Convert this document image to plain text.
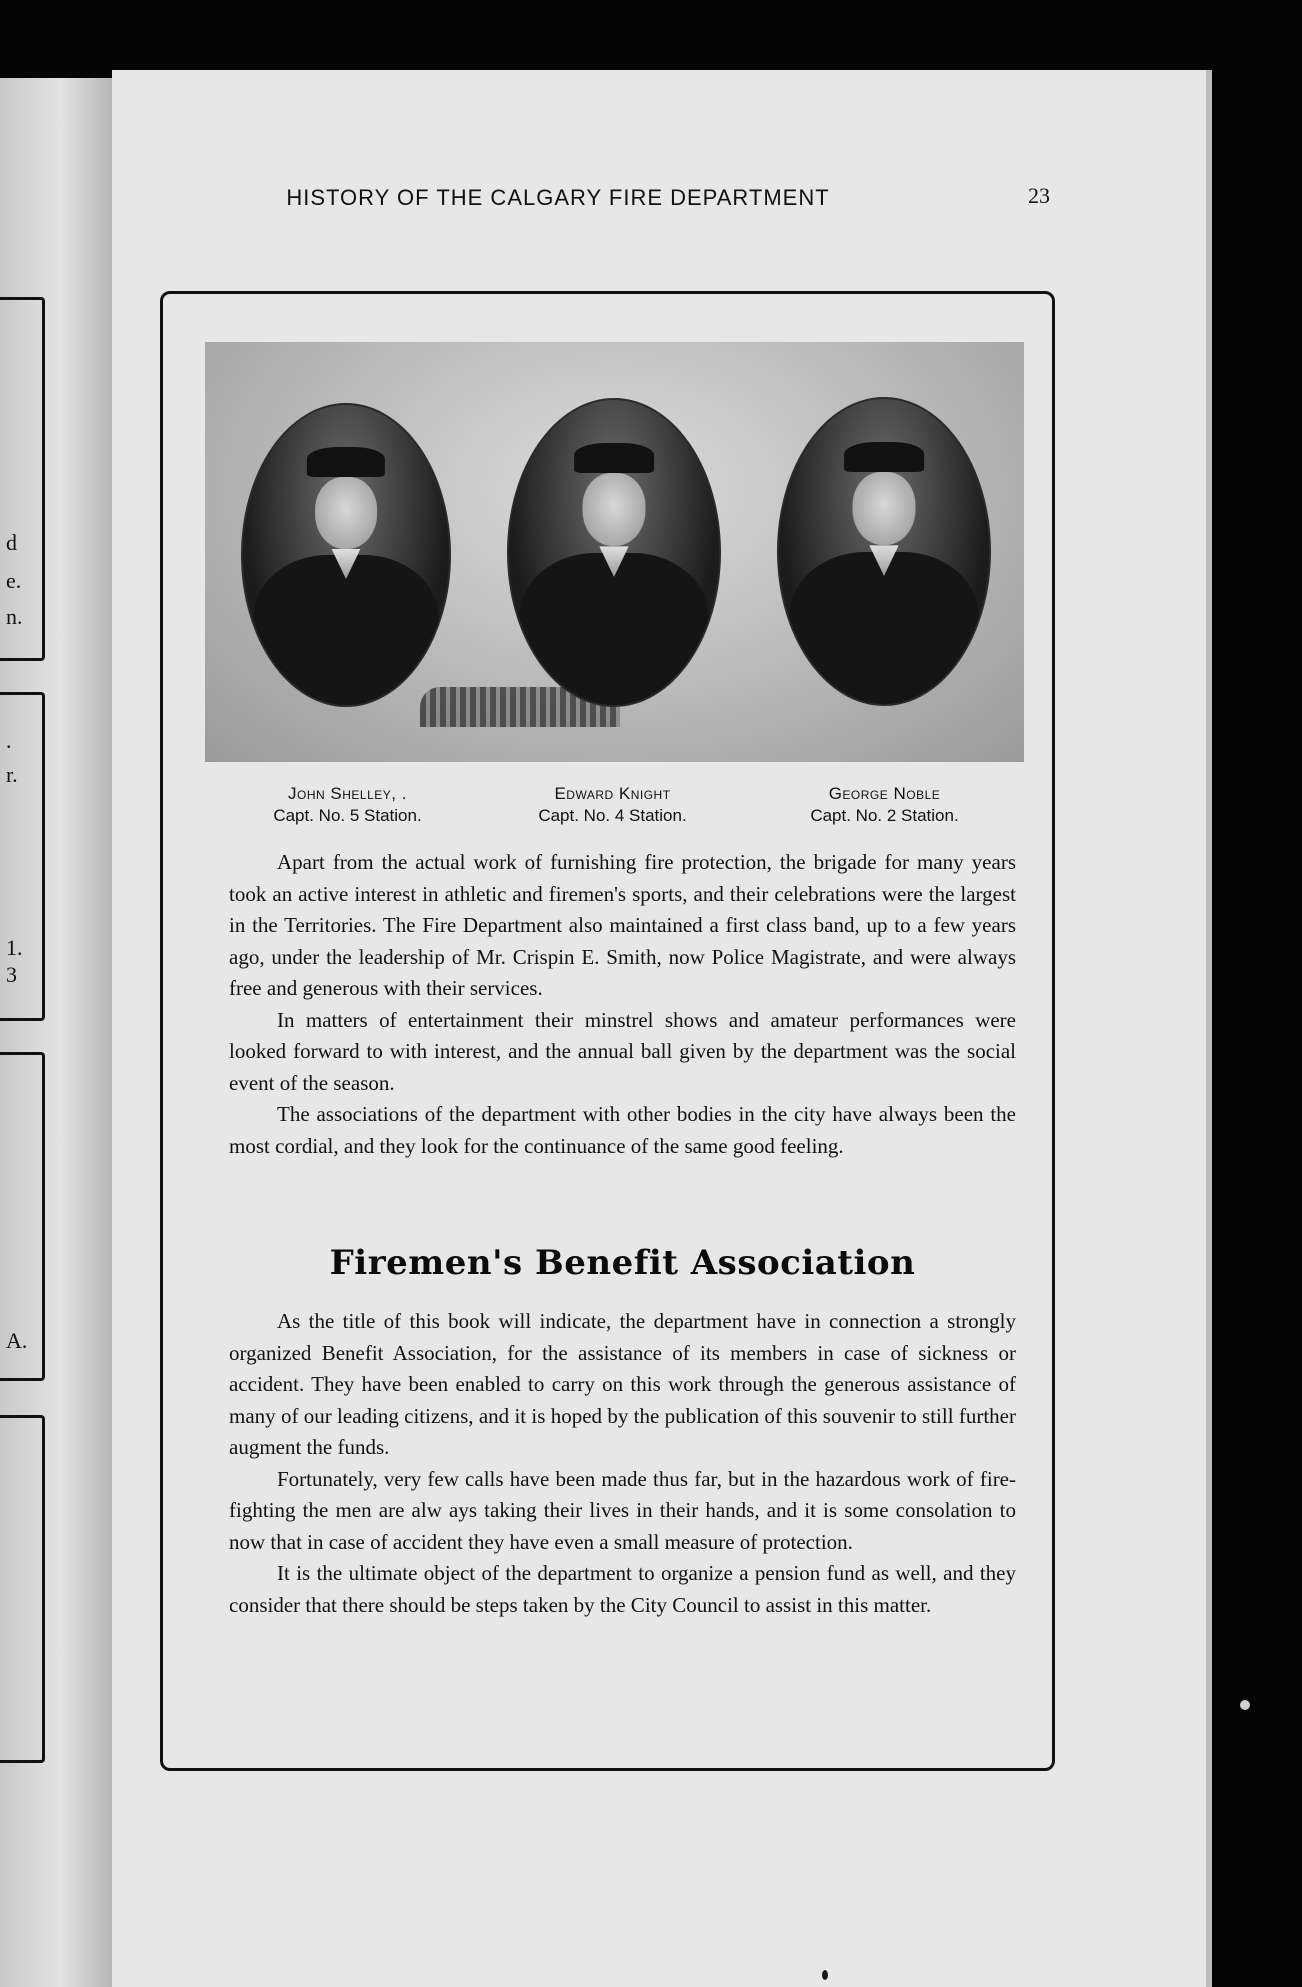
d
e.
n.
.
r.
1.
3
A.
HISTORY OF THE CALGARY FIRE DEPARTMENT	23
John Shelley, .
Capt. No. 5 Station.
Edward Knight
Capt. No. 4 Station.
George Noble
Capt. No. 2 Station.

Apart from the actual work of furnishing fire protection, the brigade for many years took an active interest in athletic and firemen's sports, and their celebrations were the largest in the Territories. The Fire Department also maintained a first class band, up to a few years ago, under the leadership of Mr. Crispin E. Smith, now Police Magistrate, and were always free and generous with their services.

In matters of entertainment their minstrel shows and amateur performances were looked forward to with interest, and the annual ball given by the department was the social event of the season.

The associations of the department with other bodies in the city have always been the most cordial, and they look for the continuance of the same good feeling.

Firemen's Benefit Association

As the title of this book will indicate, the department have in connection a strongly organized Benefit Association, for the assistance of its members in case of sickness or accident. They have been enabled to carry on this work through the generous assistance of many of our leading citizens, and it is hoped by the publication of this souvenir to still further augment the funds.

Fortunately, very few calls have been made thus far, but in the hazardous work of fire-fighting the men are alw ays taking their lives in their hands, and it is some consolation to now that in case of accident they have even a small measure of protection.

It is the ultimate object of the department to organize a pension fund as well, and they consider that there should be steps taken by the City Council to assist in this matter.
